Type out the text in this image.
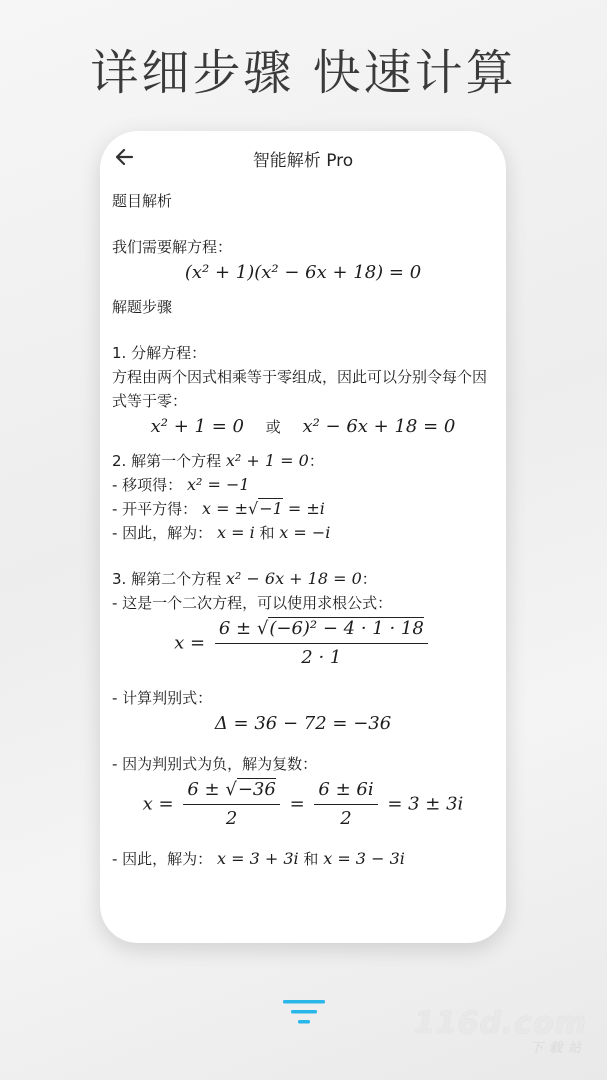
详细步骤 快速计算
智能解析 Pro
题目解析
我们需要解方程：
(x² + 1)(x² − 6x + 18) = 0
解题步骤
1. 分解方程：
方程由两个因式相乘等于零组成，因此可以分别令每个因式等于零：
x² + 1 = 0 或 x² − 6x + 18 = 0
2. 解第一个方程 x² + 1 = 0：
- 移项得： x² = −1
- 开平方得： x = ±√−1 = ±i
- 因此，解为： x = i 和 x = −i
3. 解第二个方程 x² − 6x + 18 = 0：
- 这是一个二次方程，可以使用求根公式：
$x = \frac{\text{6 ± √(−6)² − 4 · 1 · 18}}{2 \cdot 1}$
- 计算判别式：
Δ = 36 − 72 = −36
- 因为判别式为负，解为复数：
$x = \frac{6 \pm √-36}{2} = \frac{6 \pm 6i}{2} = 3 \pm 3i$
- 因此，解为： x = 3 + 3i 和 x = 3 − 3i
116d.com
下载站
